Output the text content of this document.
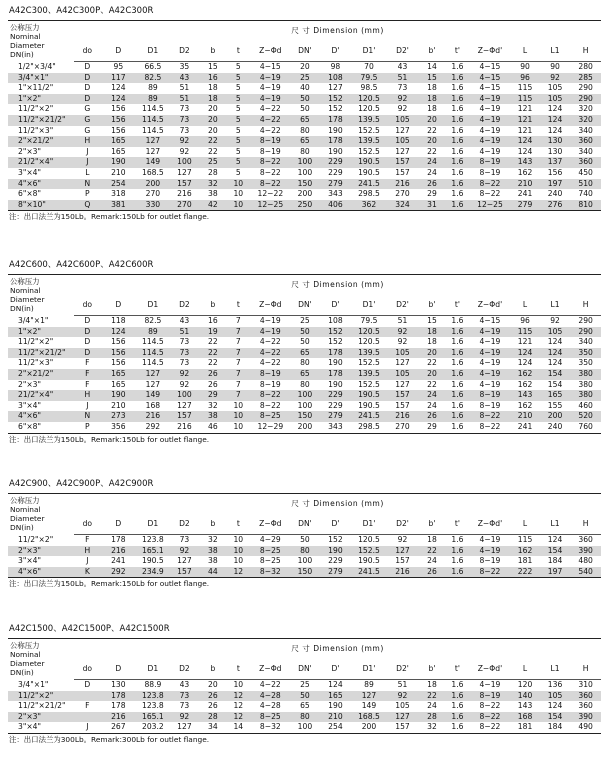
A42C300、A42C300P、A42C300R
公称压力
Nominal
Diameter
DN(in)	尺 寸 Dimension (mm)																
	do	D	D1	D2	b	t	Z−Φd	DN'	D'	D1'	D2'	b'	t'	Z−Φd'	L	L1	H
1/2"×3/4"	D	95	66.5	35	15	5	4−15	20	98	70	43	14	1.6	4−15	90	90	280
3/4"×1"	D	117	82.5	43	16	5	4−19	25	108	79.5	51	15	1.6	4−15	96	92	285
1"×11/2"	D	124	89	51	18	5	4−19	40	127	98.5	73	18	1.6	4−15	115	105	290
1"×2"	D	124	89	51	18	5	4−19	50	152	120.5	92	18	1.6	4−19	115	105	290
11/2"×2"	G	156	114.5	73	20	5	4−22	50	152	120.5	92	18	1.6	4−19	121	124	320
11/2"×21/2"	G	156	114.5	73	20	5	4−22	65	178	139.5	105	20	1.6	4−19	121	124	320
11/2"×3"	G	156	114.5	73	20	5	4−22	80	190	152.5	127	22	1.6	4−19	121	124	340
2"×21/2"	H	165	127	92	22	5	8−19	65	178	139.5	105	20	1.6	4−19	124	130	360
2"×3"	J	165	127	92	22	5	8−19	80	190	152.5	127	22	1.6	4−19	124	130	340
21/2"×4"	J	190	149	100	25	5	8−22	100	229	190.5	157	24	1.6	8−19	143	137	360
3"×4"	L	210	168.5	127	28	5	8−22	100	229	190.5	157	24	1.6	8−19	162	156	450
4"×6"	N	254	200	157	32	10	8−22	150	279	241.5	216	26	1.6	8−22	210	197	510
6"×8"	P	318	270	216	38	10	12−22	200	343	298.5	270	29	1.6	8−22	241	240	740
8"×10"	Q	381	330	270	42	10	12−25	250	406	362	324	31	1.6	12−25	279	276	810
注：出口法兰为150Lb。Remark:150Lb for outlet flange.
A42C600、A42C600P、A42C600R
公称压力
Nominal
Diameter
DN(in)	尺 寸 Dimension (mm)																
	do	D	D1	D2	b	t	Z−Φd	DN'	D'	D1'	D2'	b'	t'	Z−Φd'	L	L1	H
3/4"×1"	D	118	82.5	43	16	7	4−19	25	108	79.5	51	15	1.6	4−15	96	92	290
1"×2"	D	124	89	51	19	7	4−19	50	152	120.5	92	18	1.6	4−19	115	105	290
11/2"×2"	D	156	114.5	73	22	7	4−22	50	152	120.5	92	18	1.6	4−19	121	124	340
11/2"×21/2"	D	156	114.5	73	22	7	4−22	65	178	139.5	105	20	1.6	4−19	124	124	350
11/2"×3"	F	156	114.5	73	22	7	4−22	80	190	152.5	127	22	1.6	4−19	124	124	350
2"×21/2"	F	165	127	92	26	7	8−19	65	178	139.5	105	20	1.6	4−19	162	154	380
2"×3"	F	165	127	92	26	7	8−19	80	190	152.5	127	22	1.6	4−19	162	154	380
21/2"×4"	H	190	149	100	29	7	8−22	100	229	190.5	157	24	1.6	8−19	143	165	380
3"×4"	J	210	168	127	32	10	8−22	100	229	190.5	157	24	1.6	8−19	162	155	460
4"×6"	N	273	216	157	38	10	8−25	150	279	241.5	216	26	1.6	8−22	210	200	520
6"×8"	P	356	292	216	46	10	12−29	200	343	298.5	270	29	1.6	8−22	241	240	760
注：出口法兰为150Lb。Remark:150Lb for outlet flange.
A42C900、A42C900P、A42C900R
公称压力
Nominal
Diameter
DN(in)	尺 寸 Dimension (mm)																
	do	D	D1	D2	b	t	Z−Φd	DN'	D'	D1'	D2'	b'	t'	Z−Φd'	L	L1	H
11/2"×2"	F	178	123.8	73	32	10	4−29	50	152	120.5	92	18	1.6	4−19	115	124	360
2"×3"	H	216	165.1	92	38	10	8−25	80	190	152.5	127	22	1.6	4−19	162	154	390
3"×4"	J	241	190.5	127	38	10	8−25	100	229	190.5	157	24	1.6	8−19	181	184	480
4"×6"	K	292	234.9	157	44	12	8−32	150	279	241.5	216	26	1.6	8−22	222	197	540
注：出口法兰为150Lb。Remark:150Lb for outlet flange.
A42C1500、A42C1500P、A42C1500R
公称压力
Nominal
Diameter
DN(in)	尺 寸 Dimension (mm)																
	do	D	D1	D2	b	t	Z−Φd	DN'	D'	D1'	D2'	b'	t'	Z−Φd'	L	L1	H
3/4"×1"	D	130	88.9	43	20	10	4−22	25	124	89	51	18	1.6	4−19	120	136	310
11/2"×2"		178	123.8	73	26	12	4−28	50	165	127	92	22	1.6	8−19	140	105	360
11/2"×21/2"	F	178	123.8	73	26	12	4−28	65	190	149	105	24	1.6	8−22	143	124	360
2"×3"		216	165.1	92	28	12	8−25	80	210	168.5	127	28	1.6	8−22	168	154	390
3"×4"	J	267	203.2	127	34	14	8−32	100	254	200	157	32	1.6	8−22	181	184	490
注：出口法兰为300Lb。Remark:300Lb for outlet flange.
